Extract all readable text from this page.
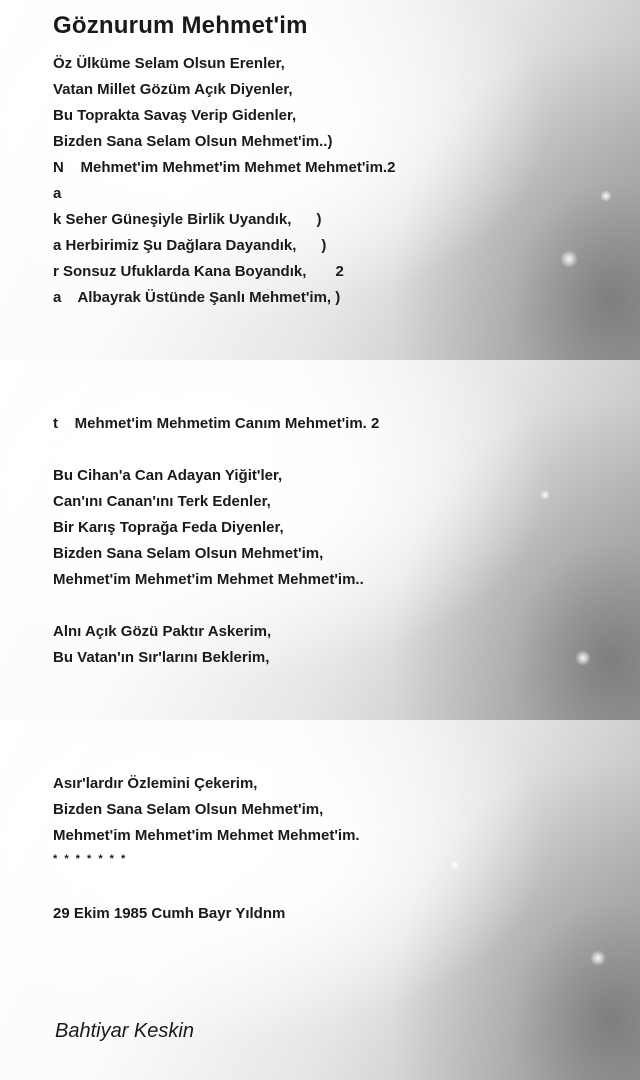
Göznurum Mehmet'im

Öz Ülküme Selam Olsun Erenler,

Vatan Millet Gözüm Açık Diyenler,

Bu Toprakta Savaş Verip Gidenler,

Bizden Sana Selam Olsun Mehmet'im..)

N    Mehmet'im Mehmet'im Mehmet Mehmet'im.2

a

k Seher Güneşiyle Birlik Uyandık,      )

a Herbirimiz Şu Dağlara Dayandık,      )

r Sonsuz Ufuklarda Kana Boyandık,       2

a    Albayrak Üstünde Şanlı Mehmet'im, )

t    Mehmet'im Mehmetim Canım Mehmet'im. 2

Bu Cihan'a Can Adayan Yiğit'ler,

Can'ını Canan'ını Terk Edenler,

Bir Karış Toprağa Feda Diyenler,

Bizden Sana Selam Olsun Mehmet'im,

Mehmet'im Mehmet'im Mehmet Mehmet'im..

Alnı Açık Gözü Paktır Askerim,

Bu Vatan'ın Sır'larını Beklerim,

Asır'lardır Özlemini Çekerim,

Bizden Sana Selam Olsun Mehmet'im,

Mehmet'im Mehmet'im Mehmet Mehmet'im.

* * * * * * *

29 Ekim 1985 Cumh Bayr Yıldnm

Bahtiyar Keskin
